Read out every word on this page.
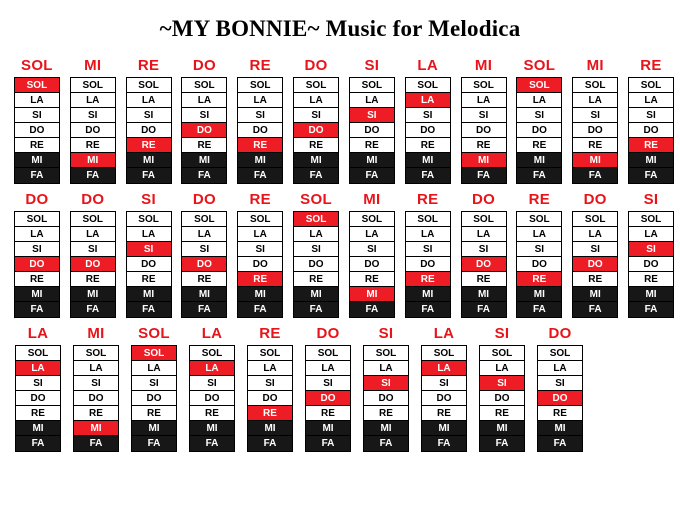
~MY BONNIE~ Music for Melodica
SOL
SOL
LA
SI
DO
RE
MI
FA
MI
SOL
LA
SI
DO
RE
MI
FA
RE
SOL
LA
SI
DO
RE
MI
FA
DO
SOL
LA
SI
DO
RE
MI
FA
RE
SOL
LA
SI
DO
RE
MI
FA
DO
SOL
LA
SI
DO
RE
MI
FA
SI
SOL
LA
SI
DO
RE
MI
FA
LA
SOL
LA
SI
DO
RE
MI
FA
MI
SOL
LA
SI
DO
RE
MI
FA
SOL
SOL
LA
SI
DO
RE
MI
FA
MI
SOL
LA
SI
DO
RE
MI
FA
RE
SOL
LA
SI
DO
RE
MI
FA
DO
SOL
LA
SI
DO
RE
MI
FA
DO
SOL
LA
SI
DO
RE
MI
FA
SI
SOL
LA
SI
DO
RE
MI
FA
DO
SOL
LA
SI
DO
RE
MI
FA
RE
SOL
LA
SI
DO
RE
MI
FA
SOL
SOL
LA
SI
DO
RE
MI
FA
MI
SOL
LA
SI
DO
RE
MI
FA
RE
SOL
LA
SI
DO
RE
MI
FA
DO
SOL
LA
SI
DO
RE
MI
FA
RE
SOL
LA
SI
DO
RE
MI
FA
DO
SOL
LA
SI
DO
RE
MI
FA
SI
SOL
LA
SI
DO
RE
MI
FA
LA
SOL
LA
SI
DO
RE
MI
FA
MI
SOL
LA
SI
DO
RE
MI
FA
SOL
SOL
LA
SI
DO
RE
MI
FA
LA
SOL
LA
SI
DO
RE
MI
FA
RE
SOL
LA
SI
DO
RE
MI
FA
DO
SOL
LA
SI
DO
RE
MI
FA
SI
SOL
LA
SI
DO
RE
MI
FA
LA
SOL
LA
SI
DO
RE
MI
FA
SI
SOL
LA
SI
DO
RE
MI
FA
DO
SOL
LA
SI
DO
RE
MI
FA
